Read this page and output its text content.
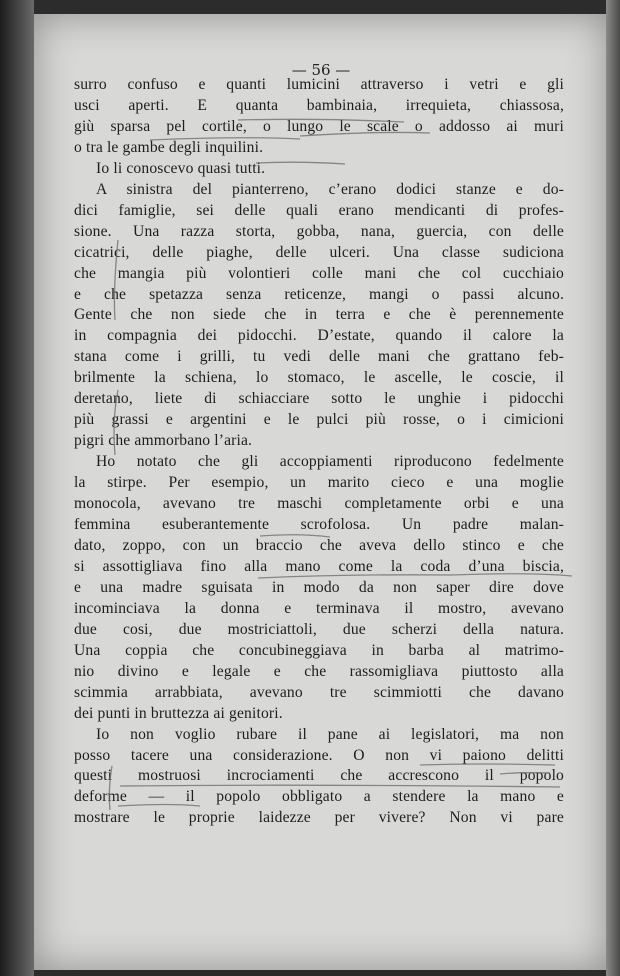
— 56 —
surro confuso e quanti lumicini attraverso i vetri e gli
usci aperti. E quanta bambinaia, irrequieta, chiassosa,
giù sparsa pel cortile, o lungo le scale o addosso ai muri
o tra le gambe degli inquilini.
Io li conoscevo quasi tutti.
A sinistra del pianterreno, c’erano dodici stanze e do-
dici famiglie, sei delle quali erano mendicanti di profes-
sione. Una razza storta, gobba, nana, guercia, con delle
cicatrici, delle piaghe, delle ulceri. Una classe sudiciona
che mangia più volontieri colle mani che col cucchiaio
e che spetazza senza reticenze, mangi o passi alcuno.
Gente che non siede che in terra e che è perennemente
in compagnia dei pidocchi. D’estate, quando il calore la
stana come i grilli, tu vedi delle mani che grattano feb-
brilmente la schiena, lo stomaco, le ascelle, le coscie, il
deretano, liete di schiacciare sotto le unghie i pidocchi
più grassi e argentini e le pulci più rosse, o i cimicioni
pigri che ammorbano l’aria.
Ho notato che gli accoppiamenti riproducono fedelmente
la stirpe. Per esempio, un marito cieco e una moglie
monocola, avevano tre maschi completamente orbi e una
femmina esuberantemente scrofolosa. Un padre malan-
dato, zoppo, con un braccio che aveva dello stinco e che
si assottigliava fino alla mano come la coda d’una biscia,
e una madre sguisata in modo da non saper dire dove
incominciava la donna e terminava il mostro, avevano
due cosi, due mostriciattoli, due scherzi della natura.
Una coppia che concubineggiava in barba al matrimo-
nio divino e legale e che rassomigliava piuttosto alla
scimmia arrabbiata, avevano tre scimmiotti che davano
dei punti in bruttezza ai genitori.
Io non voglio rubare il pane ai legislatori, ma non
posso tacere una considerazione. O non vi paiono delitti
questi mostruosi incrociamenti che accrescono il popolo
deforme — il popolo obbligato a stendere la mano e
mostrare le proprie laidezze per vivere? Non vi pare
